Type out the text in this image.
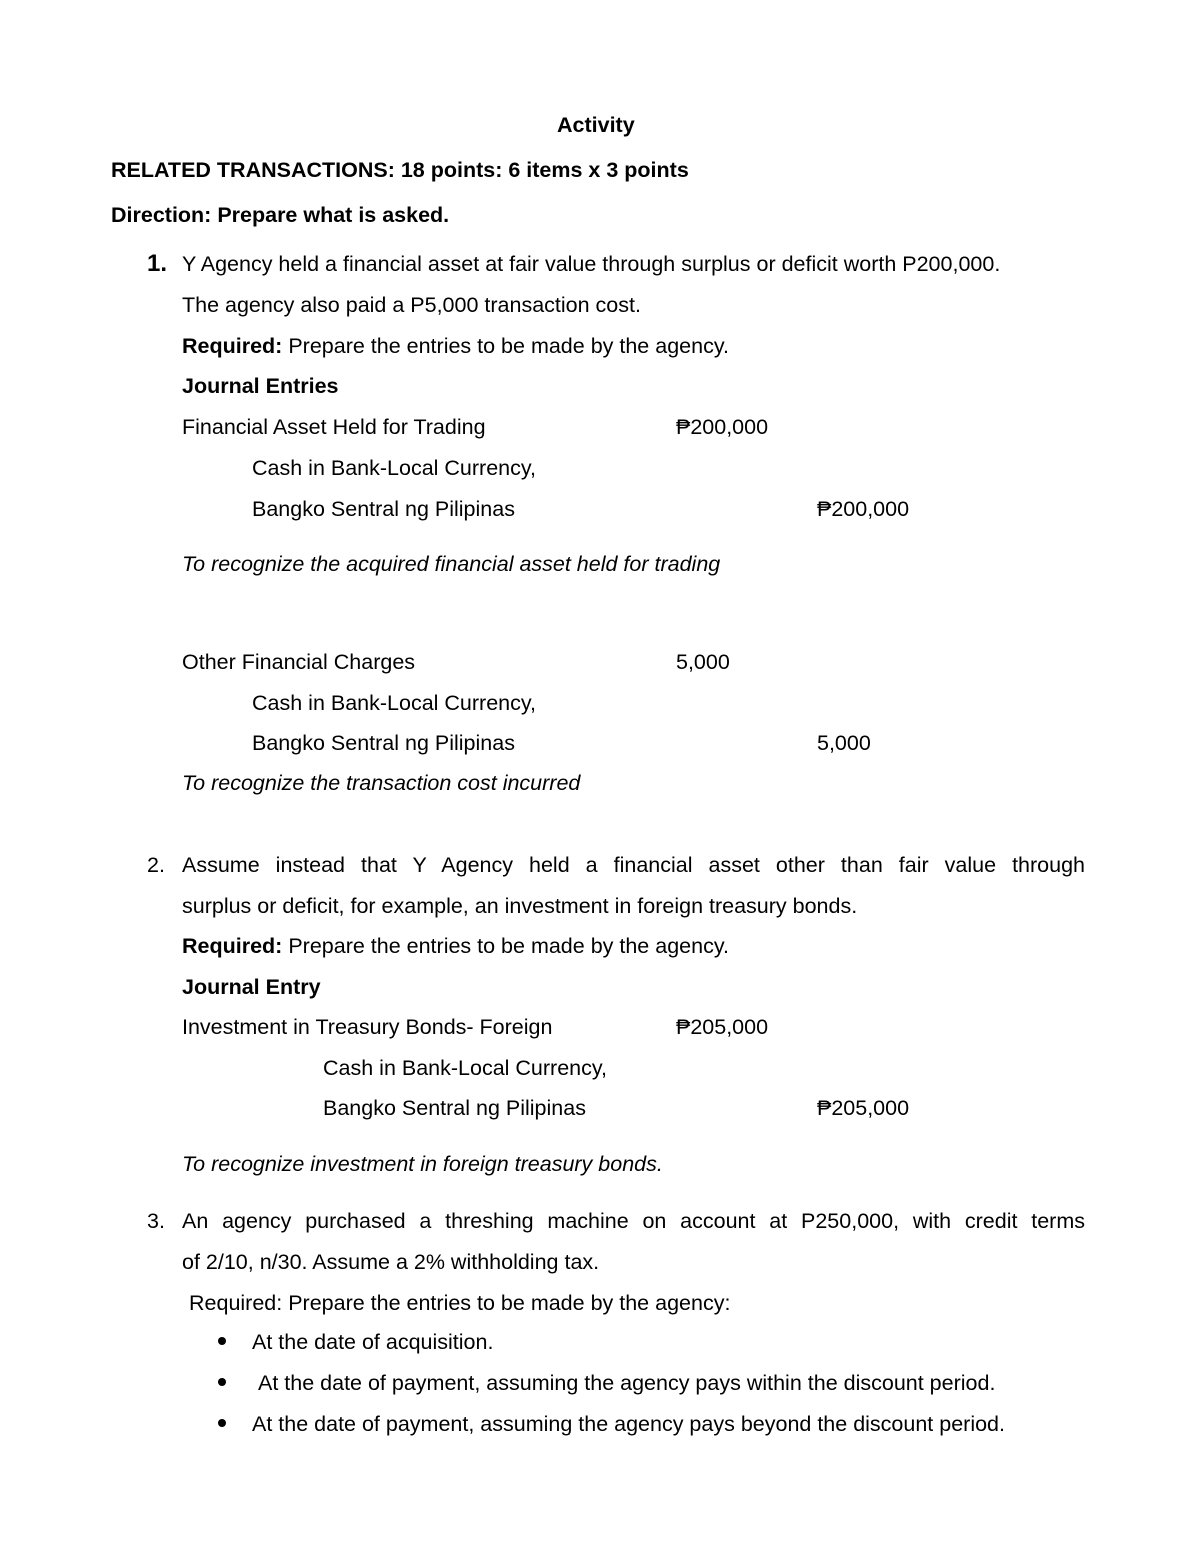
Activity
RELATED TRANSACTIONS: 18 points: 6 items x 3 points
Direction: Prepare what is asked.
1. Y Agency held a financial asset at fair value through surplus or deficit worth P200,000.
The agency also paid a P5,000 transaction cost.
Required: Prepare the entries to be made by the agency.
Journal Entries
Financial Asset Held for Trading	₱200,000
Cash in Bank-Local Currency,
Bangko Sentral ng Pilipinas	₱200,000
To recognize the acquired financial asset held for trading
Other Financial Charges	5,000
Cash in Bank-Local Currency,
Bangko Sentral ng Pilipinas	5,000
To recognize the transaction cost incurred
2. Assume instead that Y Agency held a financial asset other than fair value through
surplus or deficit, for example, an investment in foreign treasury bonds.
Required: Prepare the entries to be made by the agency.
Journal Entry
Investment in Treasury Bonds- Foreign	₱205,000
Cash in Bank-Local Currency,
Bangko Sentral ng Pilipinas	₱205,000
To recognize investment in foreign treasury bonds.
3. An agency purchased a threshing machine on account at P250,000, with credit terms
of 2/10, n/30. Assume a 2% withholding tax.
Required: Prepare the entries to be made by the agency:
At the date of acquisition.
At the date of payment, assuming the agency pays within the discount period.
At the date of payment, assuming the agency pays beyond the discount period.
